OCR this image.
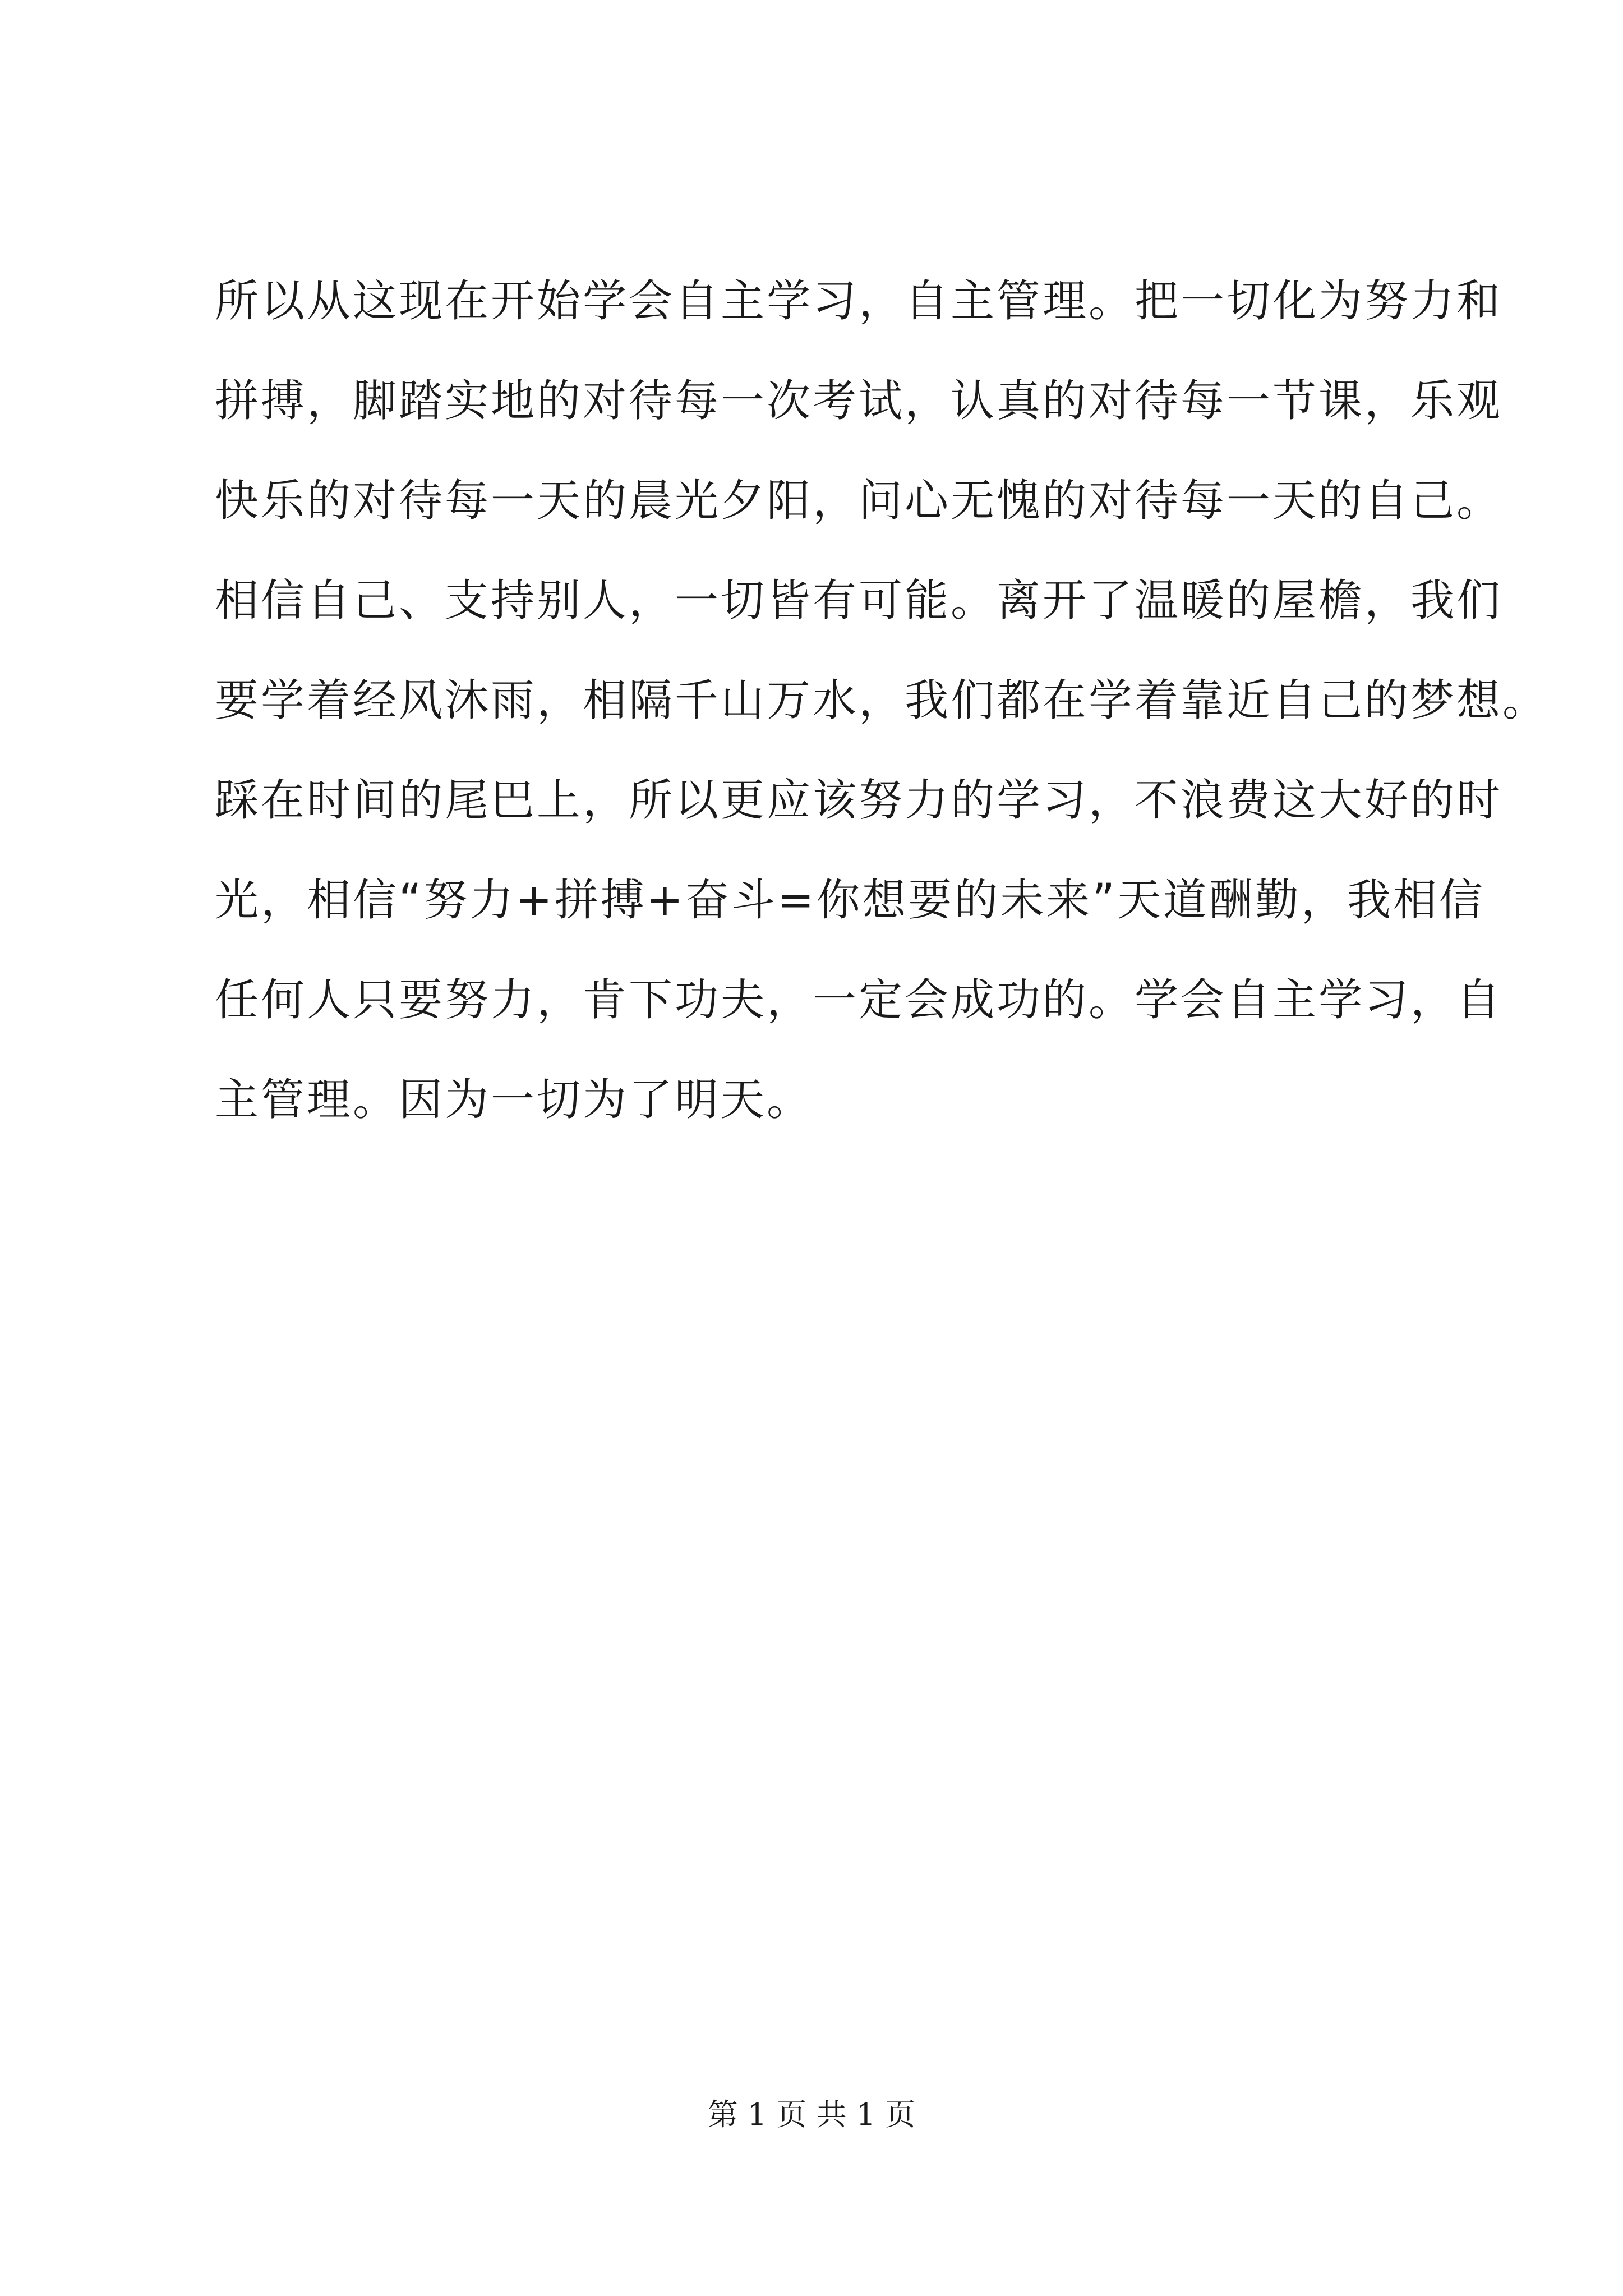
所以从这现在开始学会自主学习，自主管理。把一切化为努力和
拼搏，脚踏实地的对待每一次考试，认真的对待每一节课，乐观
快乐的对待每一天的晨光夕阳，问心无愧的对待每一天的自己。
相信自己、支持别人，一切皆有可能。离开了温暖的屋檐，我们
要学着经风沐雨，相隔千山万水，我们都在学着靠近自己的梦想。
踩在时间的尾巴上，所以更应该努力的学习，不浪费这大好的时
光，相信“努力+拼搏+奋斗=你想要的未来”天道酬勤，我相信
任何人只要努力，肯下功夫，一定会成功的。学会自主学习，自
主管理。因为一切为了明天。
第 1 页 共 1 页
